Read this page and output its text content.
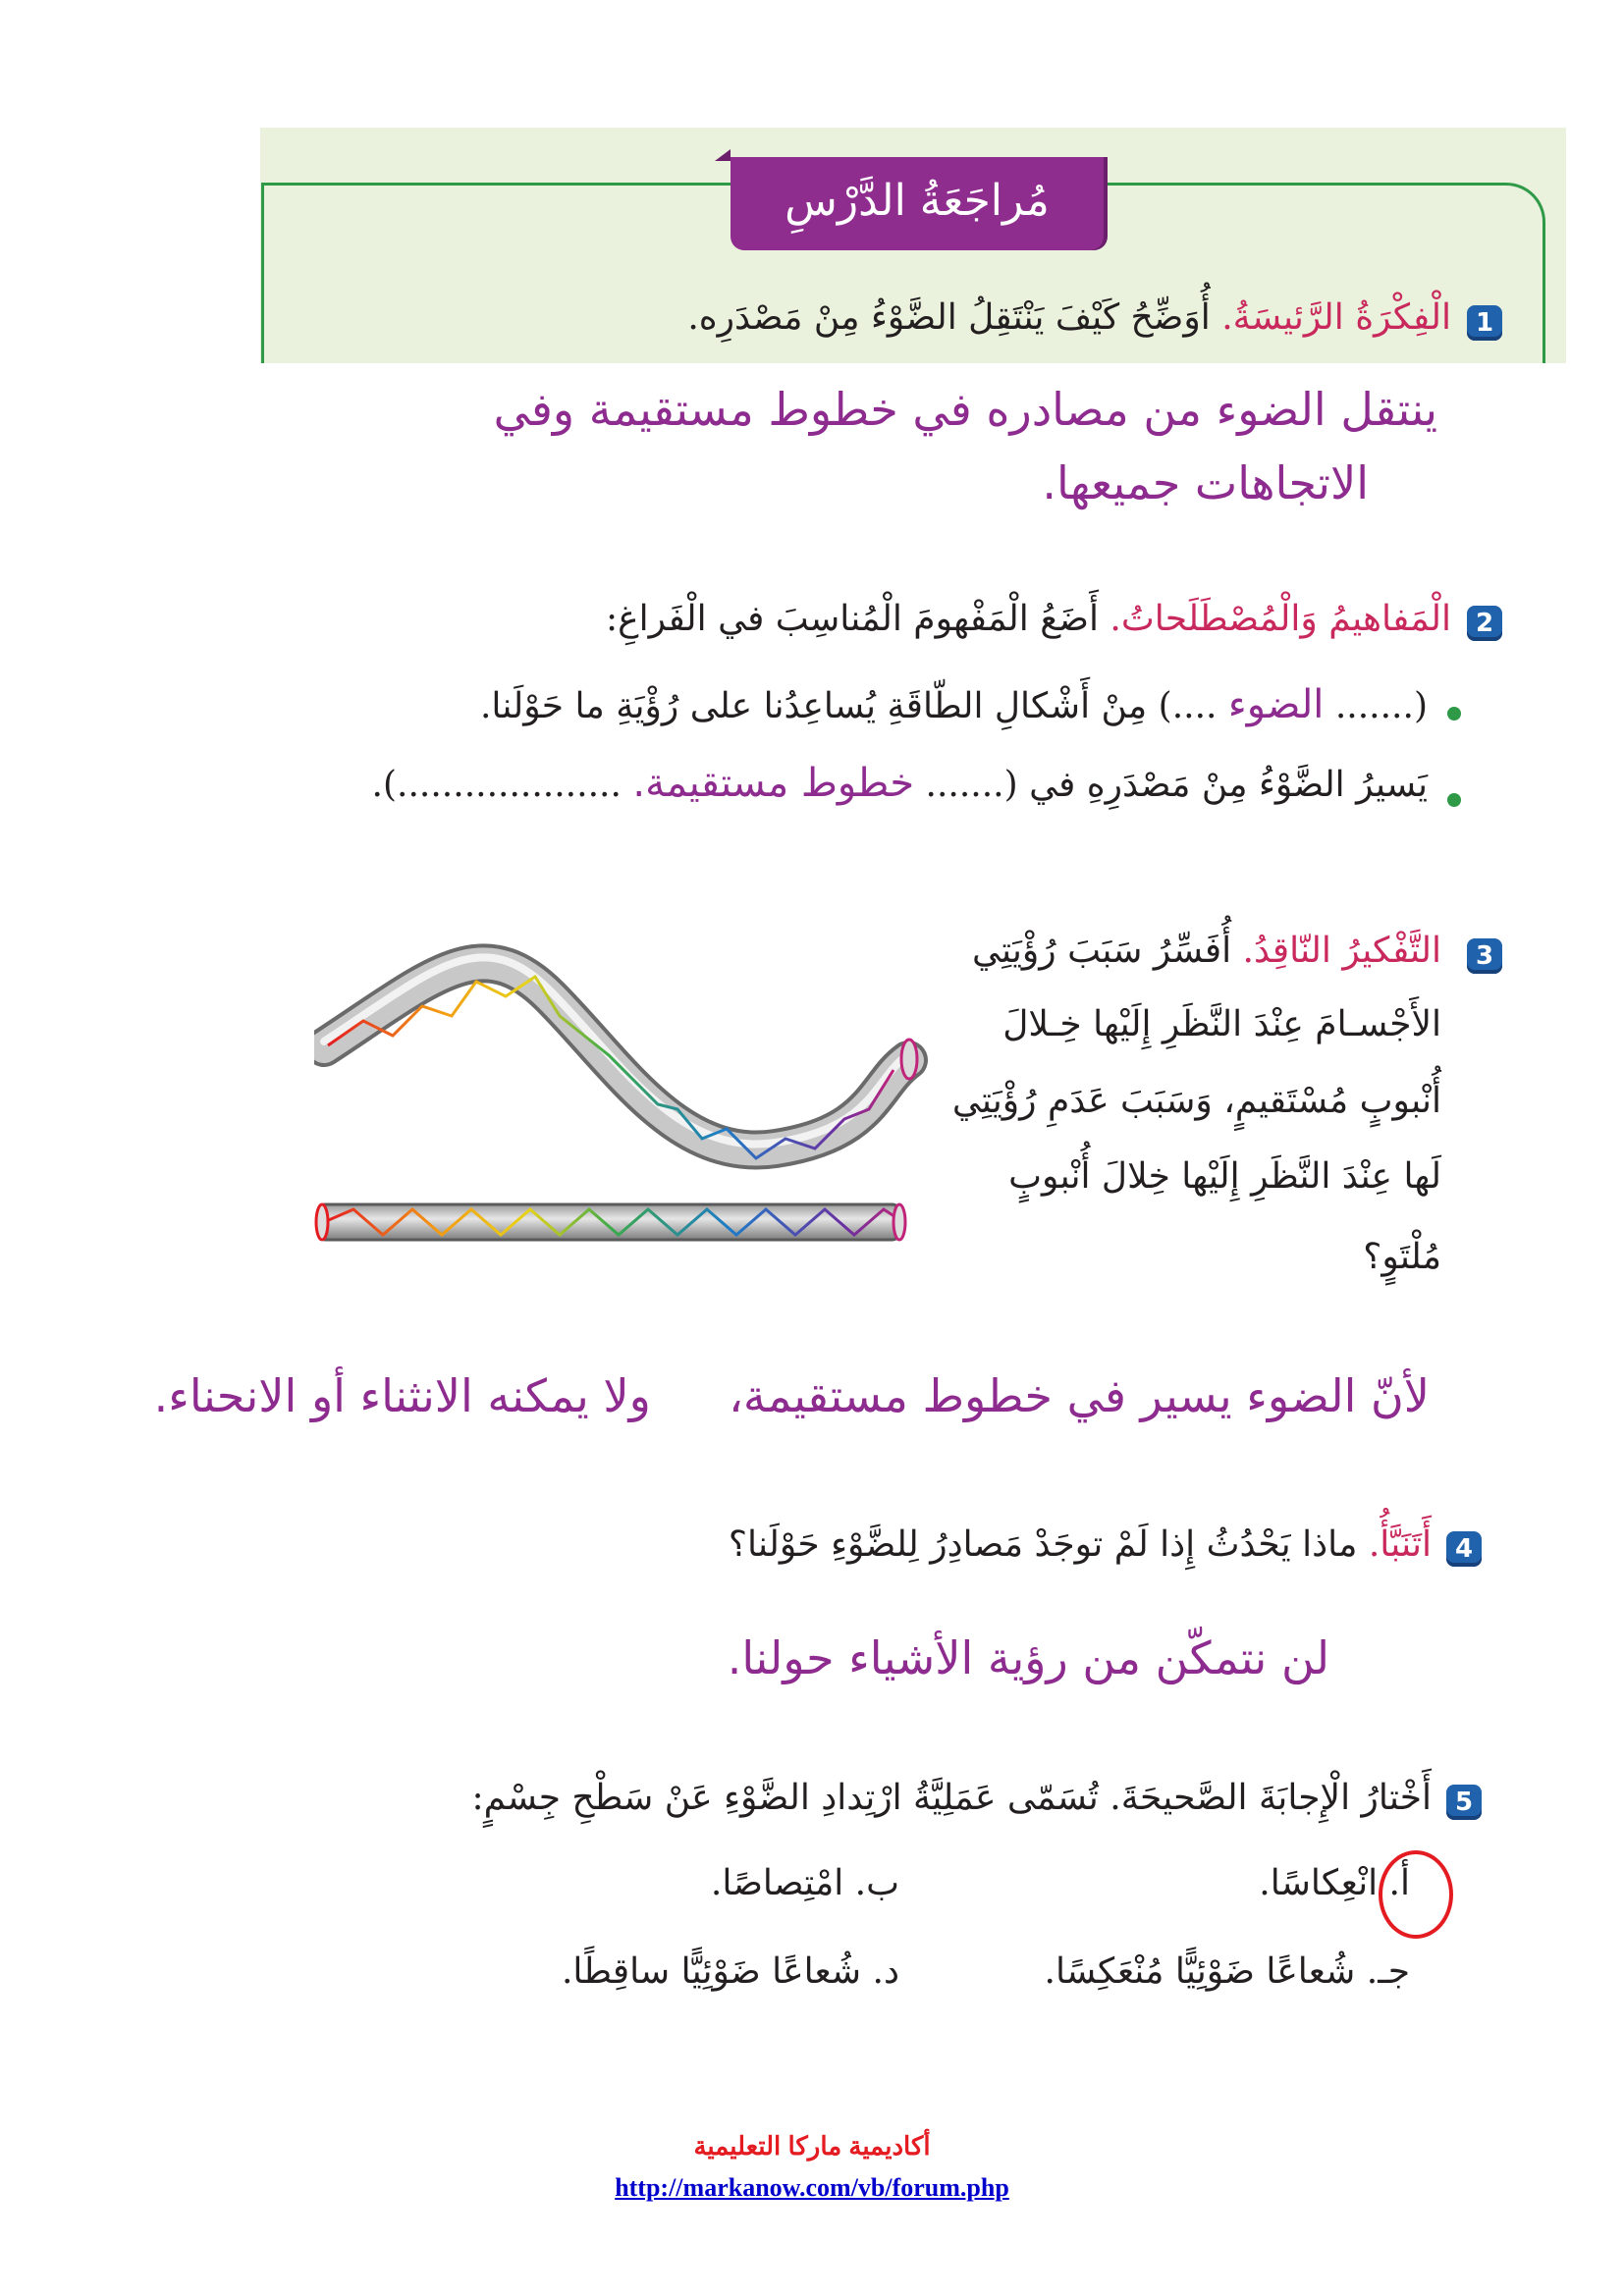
مُراجَعَةُ الدَّرْسِ
1
الْفِكْرَةُ الرَّئيسَةُ. أُوَضِّحُ كَيْفَ يَنْتَقِلُ الضَّوْءُ مِنْ مَصْدَرِه.
ينتقل الضوء من مصادره في خطوط مستقيمة وفي
الاتجاهات جميعها.
2
الْمَفاهيمُ وَالْمُصْطَلَحاتُ. أَضَعُ الْمَفْهومَ الْمُناسِبَ في الْفَراغِ:
(....... الضوء ....) مِنْ أَشْكالِ الطّاقَةِ يُساعِدُنا على رُؤْيَةِ ما حَوْلَنا.
يَسيرُ الضَّوْءُ مِنْ مَصْدَرِهِ في (....... خطوط مستقيمة. ....................).
3
التَّفْكيرُ النّاقِدُ. أُفَسِّرُ سَبَبَ رُؤْيَتِي
الأَجْسـامَ عِنْدَ النَّظَرِ إِلَيْها خِـلالَ
أُنْبوبٍ مُسْتَقيمٍ، وَسَبَبَ عَدَمِ رُؤْيَتِي
لَها عِنْدَ النَّظَرِ إِلَيْها خِلالَ أُنْبوبٍ
مُلْتَوٍ؟
لأنّ الضوء يسير في خطوط مستقيمة،  ولا يمكنه الانثناء أو الانحناء.
4
أَتَنَبَّأُ. ماذا يَحْدُثُ إِذا لَمْ توجَدْ مَصادِرُ لِلضَّوْءِ حَوْلَنا؟
لن نتمكّن من رؤية الأشياء حولنا.
5
أَخْتارُ الْإِجابَةَ الصَّحيحَةَ. تُسَمّى عَمَلِيَّةُ ارْتِدادِ الضَّوْءِ عَنْ سَطْحِ جِسْمٍ:
أ. انْعِكاسًا.
ب. امْتِصاصًا.
جـ. شُعاعًا ضَوْئِيًّا مُنْعَكِسًا.
د. شُعاعًا ضَوْئِيًّا ساقِطًا.
أكاديمية ماركا التعليمية
http://markanow.com/vb/forum.php
